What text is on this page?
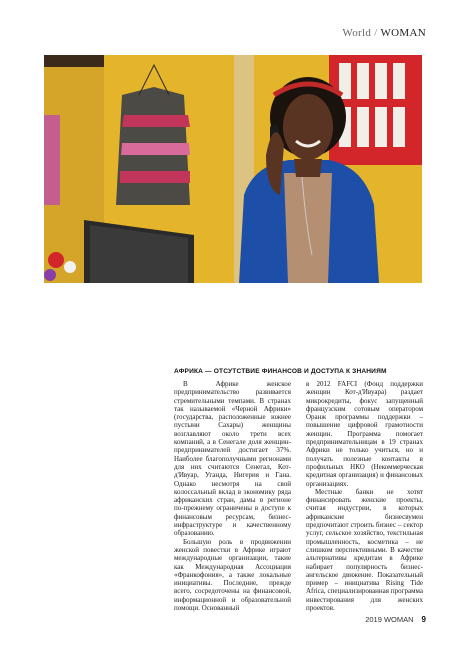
World / WOMAN
АФРИКА — ОТСУТСТВИЕ ФИНАНСОВ И ДОСТУПА К ЗНАНИЯМ

В Африке женское предпринимательство развивается стремительными темпами. В странах так называемой «Черной Африки» (государства, расположенные южнее пустыни Сахары) женщины возглавляют около трети всех компаний, а в Сенегале доля женщин-предпринимателей достигает 37%. Наиболее благополучными регионами для них считаются Сенегал, Кот-д'Ивуар, Уганда, Нигерия и Гана. Однако несмотря на свой колоссальный вклад в экономику ряда африканских стран, дамы в регионе по-прежнему ограничены в доступе к финансовым ресурсам, бизнес-инфраструктуре и качественному образованию.

Большую роль в продвижении женской повестки в Африке играют международные организации, такие как Международная Ассоциация «Франкофония», а также локальные инициативы. Последние, прежде всего, сосредоточены на финансовой, информационной и образовательной помощи. Основанный

в 2012 FAFCI (Фонд поддержки женщин Кот-д'Ивуара) раздает микрокредиты, фокус запущенный французским сотовым оператором Оранж программы поддержки – повышение цифровой грамотности женщин. Программа помогает предпринимательницам в 19 странах Африки не только учиться, но и получать полезные контакты в профильных НКО (Некоммерческая кредитная организация) и финансовых организациях.

Местные банки не хотят финансировать женские проекты, считая индустрии, в которых африканские бизнесвумен предпочитают строить бизнес – сектор услуг, сельское хозяйство, текстильная промышленность, косметика – не слишком перспективными. В качестве альтернативы кредитам в Африке набирает популярность бизнес-ангельское движение. Показательный пример – инициатива Rising Tide Africa, специализированная программа инвестирования для женских проектов.

2019 WOMAN 9
